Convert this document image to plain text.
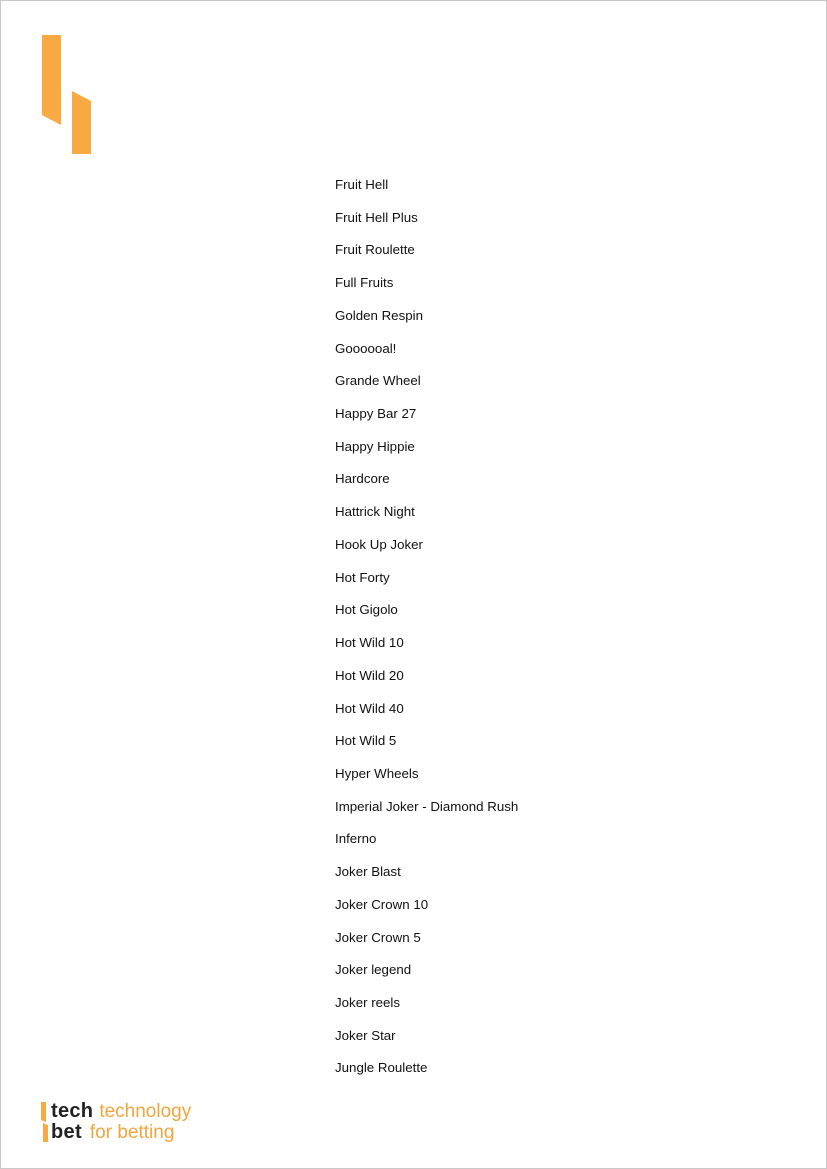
Fruit Hell
Fruit Hell Plus
Fruit Roulette
Full Fruits
Golden Respin
Goooooal!
Grande Wheel
Happy Bar 27
Happy Hippie
Hardcore
Hattrick Night
Hook Up Joker
Hot Forty
Hot Gigolo
Hot Wild 10
Hot Wild 20
Hot Wild 40
Hot Wild 5
Hyper Wheels
Imperial Joker - Diamond Rush
Inferno
Joker Blast
Joker Crown 10
Joker Crown 5
Joker legend
Joker reels
Joker Star
Jungle Roulette
tech technology
bet for betting
